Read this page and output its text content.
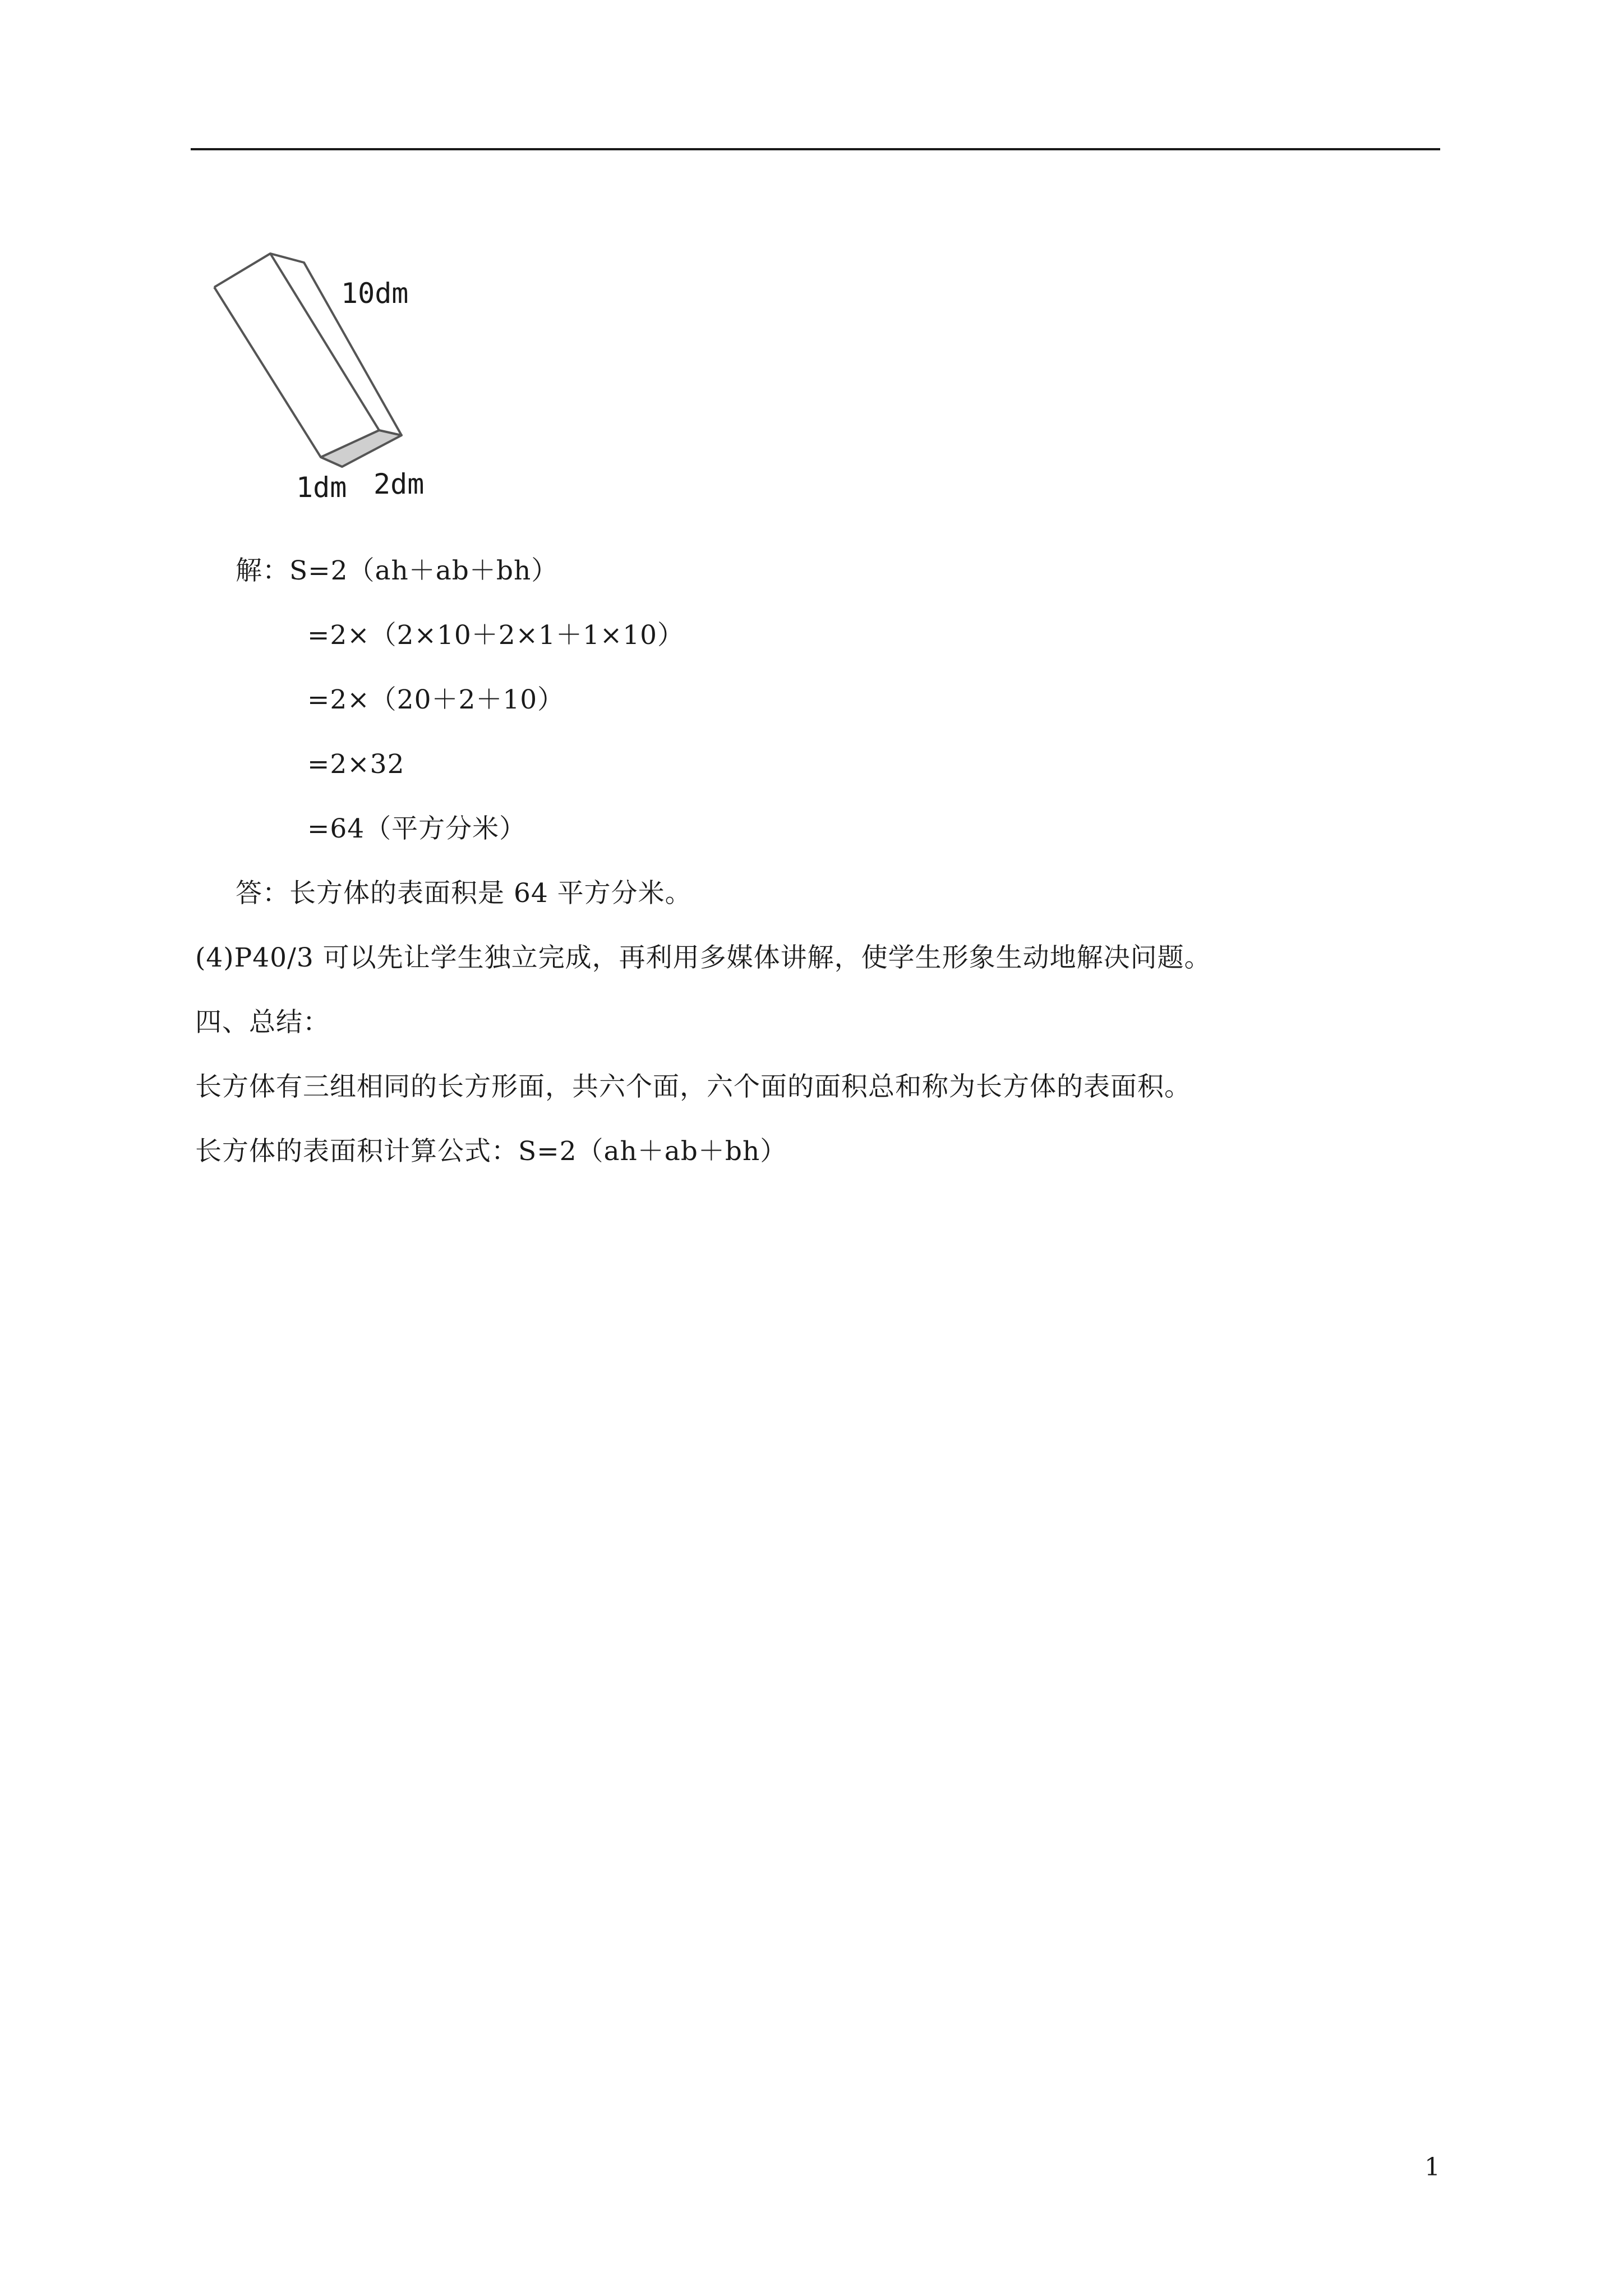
10dm
1dm 2dm
解：S=2（ah＋ab＋bh）
=2×（2×10＋2×1＋1×10）
=2×（20＋2＋10）
=2×32
=64（平方分米）
答：长方体的表面积是 64 平方分米。
(4)P40/3 可以先让学生独立完成，再利用多媒体讲解，使学生形象生动地解决问题。
四、总结：
长方体有三组相同的长方形面，共六个面，六个面的面积总和称为长方体的表面积。
长方体的表面积计算公式：S=2（ah＋ab＋bh）
1
